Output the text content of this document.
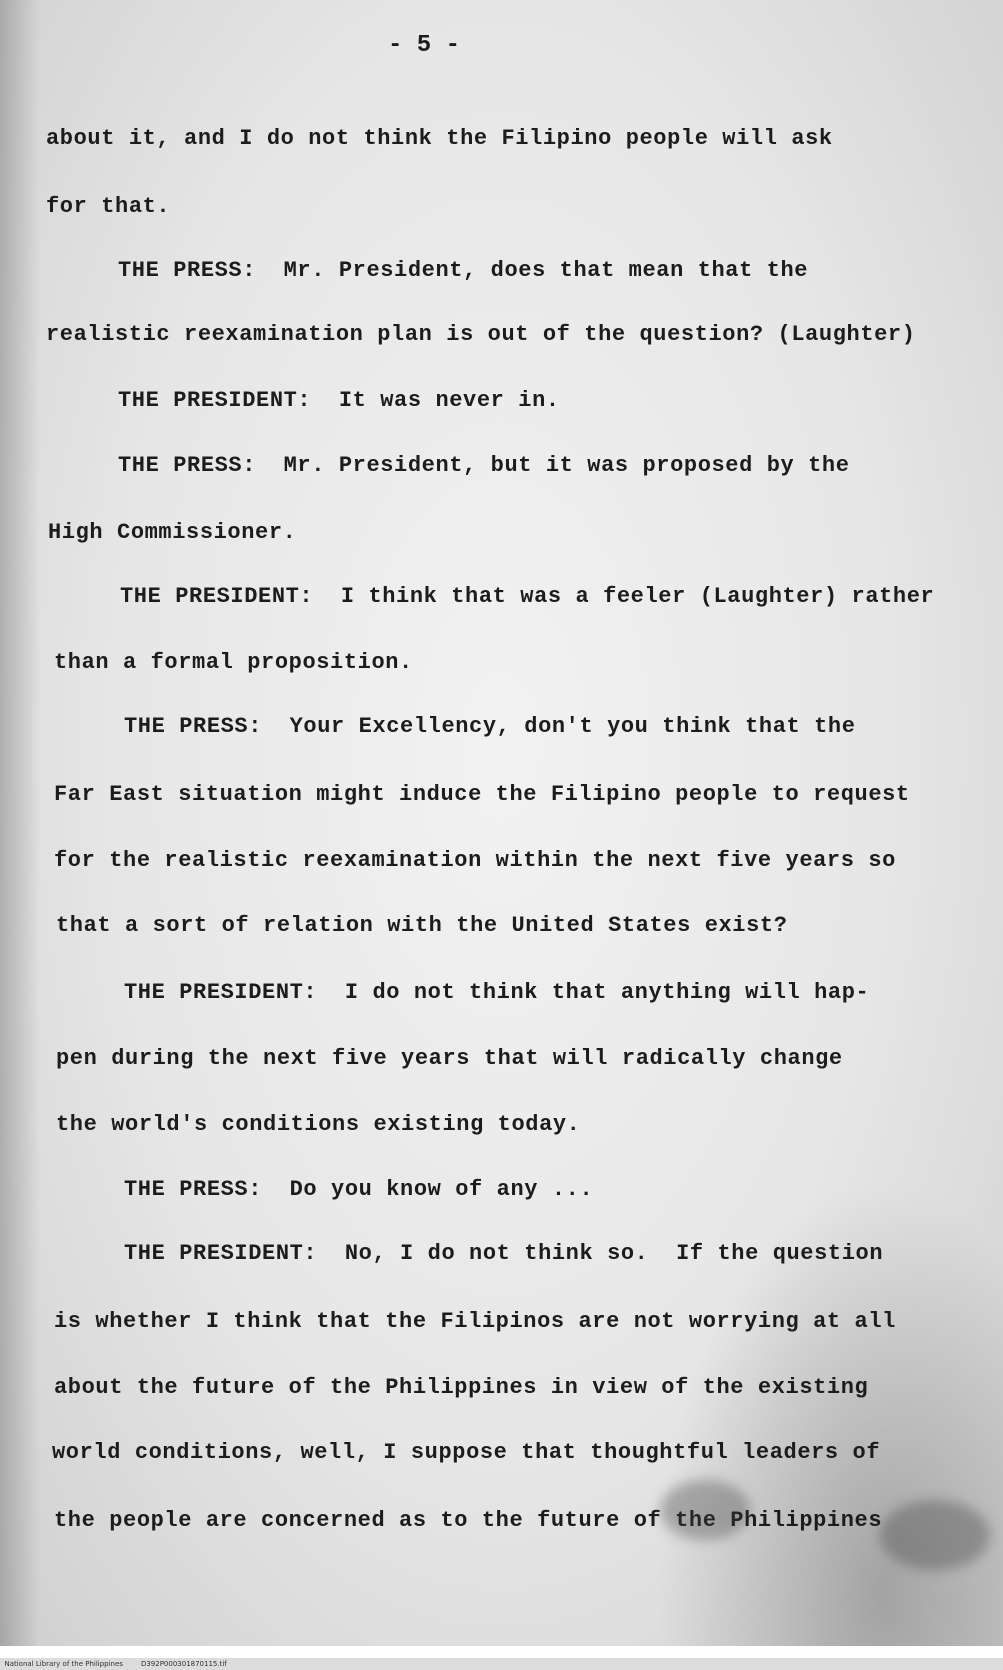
- 5 -
about it, and I do not think the Filipino people will ask
for that.
THE PRESS:  Mr. President, does that mean that the
realistic reexamination plan is out of the question? (Laughter)
THE PRESIDENT:  It was never in.
THE PRESS:  Mr. President, but it was proposed by the
High Commissioner.
THE PRESIDENT:  I think that was a feeler (Laughter) rather
than a formal proposition.
THE PRESS:  Your Excellency, don't you think that the
Far East situation might induce the Filipino people to request
for the realistic reexamination within the next five years so
that a sort of relation with the United States exist?
THE PRESIDENT:  I do not think that anything will hap-
pen during the next five years that will radically change
the world's conditions existing today.
THE PRESS:  Do you know of any ...
THE PRESIDENT:  No, I do not think so.  If the question
is whether I think that the Filipinos are not worrying at all
about the future of the Philippines in view of the existing
world conditions, well, I suppose that thoughtful leaders of
the people are concerned as to the future of the Philippines

National Library of the Philippines	D392P000301870115.tif
